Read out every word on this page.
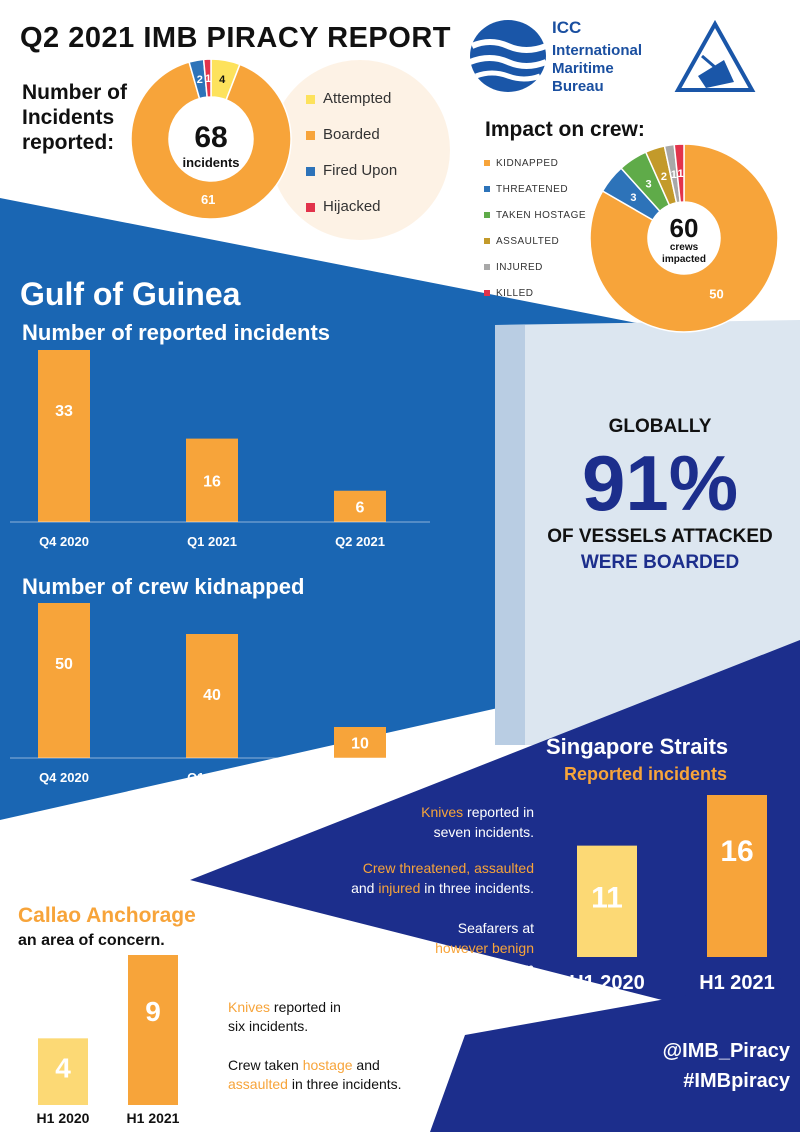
Q2 2021 IMB PIRACY REPORT	ICC
International
Maritime
Bureau
Number of Incidents reported:
4
61
2 1
68
incidents
Attempted
Boarded
Fired Upon
Hijacked
Impact on crew:
KIDNAPPED
THREATENED
TAKEN HOSTAGE
ASSAULTED
INJURED
KILLED	50
3
3
2 1 1
60
crews
impacted
Gulf of Guinea
Number of reported incidents
33
Q4 2020
16
Q1 2021
6
Q2 2021
Number of crew kidnapped
50
Q4 2020
40
Q1 2021
10
Q2 2021
GLOBALLY
91%
OF VESSELS ATTACKED
WERE BOARDED
Singapore Straits
Reported incidents
Knives reported in
seven incidents.
Crew threatened, assaulted
and injured in three incidents.
Seafarers at
risk however benign
incidents seem
to be.
11
H1 2020
16
H1 2021
Callao Anchorage
an area of concern.
4
H1 2020
9
H1 2021
Knives reported in
six incidents.
Crew taken hostage and
assaulted in three incidents.
@IMB_Piracy
#IMBpiracy
